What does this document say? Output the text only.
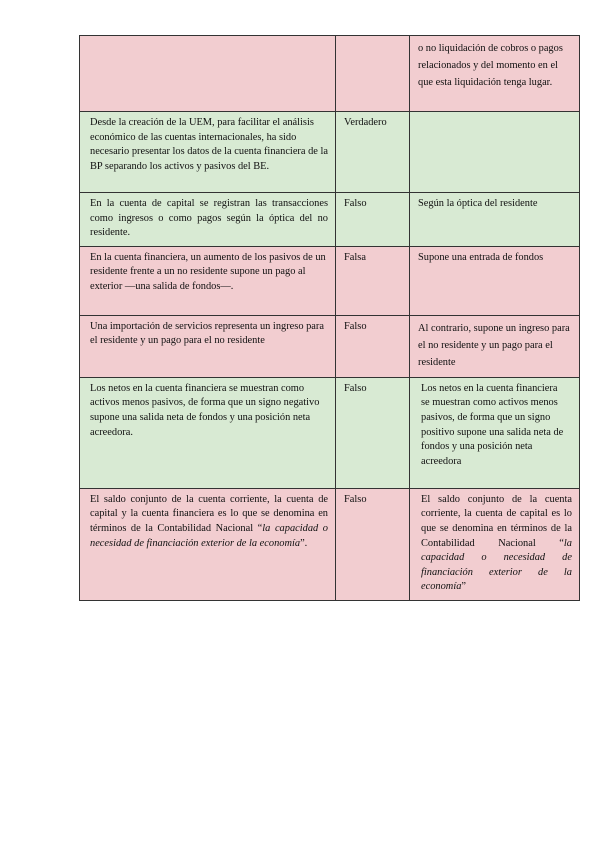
		o no liquidación de cobros o pagos relacionados y del momento en el que esta liquidación tenga lugar.
Desde la creación de la UEM, para facilitar el análisis económico de las cuentas internacionales, ha sido necesario presentar los datos de la cuenta financiera de la BP separando los activos y pasivos del BE.	Verdadero	
En la cuenta de capital se registran las transacciones como ingresos o como pagos según la óptica del no residente.	Falso	Según la óptica del residente
En la cuenta financiera, un aumento de los pasivos de un residente frente a un no residente supone un pago al exterior —una salida de fondos—.	Falsa	Supone una entrada de fondos
Una importación de servicios representa un ingreso para el residente y un pago para el no residente	Falso	Al contrario, supone un ingreso para el no residente y un pago para el residente
Los netos en la cuenta financiera se muestran como activos menos pasivos, de forma que un signo negativo supone una salida neta de fondos y una posición neta acreedora.	Falso	Los netos en la cuenta financiera se muestran como activos menos pasivos, de forma que un signo positivo supone una salida neta de fondos y una posición neta acreedora
El saldo conjunto de la cuenta corriente, la cuenta de capital y la cuenta financiera es lo que se denomina en términos de la Contabilidad Nacional “la capacidad o necesidad de financiación exterior de la economía”.	Falso	El saldo conjunto de la cuenta corriente, la cuenta de capital es lo que se denomina en términos de la Contabilidad Nacional “la capacidad o necesidad de financiación exterior de la economía”
